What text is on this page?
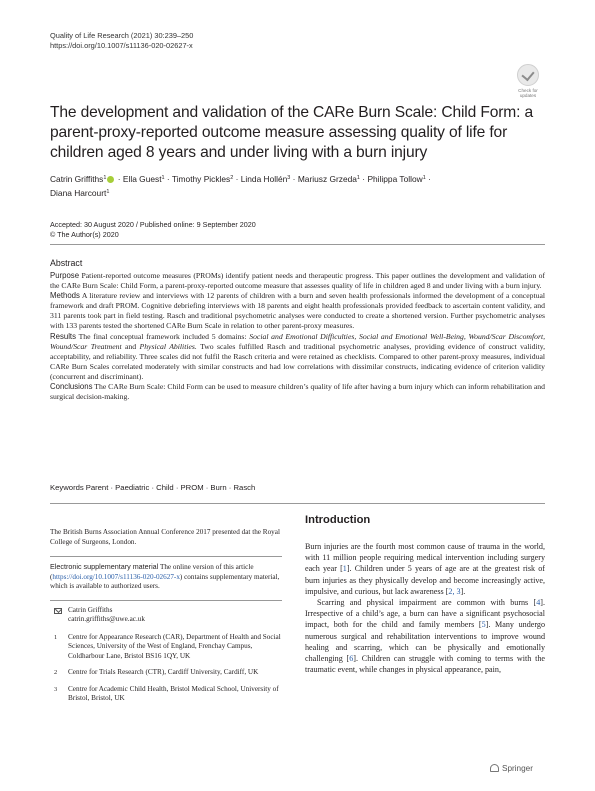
Quality of Life Research (2021) 30:239–250
https://doi.org/10.1007/s11136-020-02627-x
Check for updates
The development and validation of the CARe Burn Scale: Child Form: a parent-proxy-reported outcome measure assessing quality of life for children aged 8 years and under living with a burn injury
Catrin Griffiths$^1$ · Ella Guest$^1$ · Timothy Pickles$^2$ · Linda Hollén$^3$ · Mariusz Grzeda$^1$ · Philippa Tollow$^1$ ·
Diana Harcourt$^1$
Accepted: 30 August 2020 / Published online: 9 September 2020
© The Author(s) 2020
Abstract

Purpose Patient-reported outcome measures (PROMs) identify patient needs and therapeutic progress. This paper outlines the development and validation of the CARe Burn Scale: Child Form, a parent-proxy-reported outcome measure that assesses quality of life in children aged 8 and under living with a burn injury.

Methods A literature review and interviews with 12 parents of children with a burn and seven health professionals informed the development of a conceptual framework and draft PROM. Cognitive debriefing interviews with 18 parents and eight health professionals provided feedback to ascertain content validity, and 311 parents took part in field testing. Rasch and traditional psychometric analyses were conducted to create a shortened version. Further psychometric analyses with 133 parents tested the shortened CARe Burn Scale in relation to other parent-proxy measures.

Results The final conceptual framework included 5 domains: Social and Emotional Difficulties, Social and Emotional Well-Being, Wound/Scar Discomfort, Wound/Scar Treatment and Physical Abilities. Two scales fulfilled Rasch and traditional psychometric analyses, providing evidence of construct validity, acceptability, and reliability. Three scales did not fulfil the Rasch criteria and were retained as checklists. Compared to other parent-proxy measures, individual CARe Burn Scales correlated moderately with similar constructs and had low correlations with dissimilar constructs, indicating evidence of criterion validity (concurrent and discriminant).

Conclusions The CARe Burn Scale: Child Form can be used to measure children’s quality of life after having a burn injury which can inform rehabilitation and surgical decision-making.

Keywords Parent · Paediatric · Child · PROM · Burn · Rasch

The British Burns Association Annual Conference 2017 presented dat the Royal College of Surgeons, London.

Electronic supplementary material The online version of this article (https://doi.org/10.1007/s11136-020-02627-x) contains supplementary material, which is available to authorized users.

Catrin Griffiths
catrin.griffiths@uwe.ac.uk
1 Centre for Appearance Research (CAR), Department of Health and Social Sciences, University of the West of England, Frenchay Campus, Coldharbour Lane, Bristol BS16 1QY, UK
2 Centre for Trials Research (CTR), Cardiff University, Cardiff, UK
3 Centre for Academic Child Health, Bristol Medical School, University of Bristol, Bristol, UK
Introduction

Burn injuries are the fourth most common cause of trauma in the world, with 11 million people requiring medical intervention including surgery each year [1]. Children under 5 years of age are at the greatest risk of burn injuries as they physically develop and become increasingly active, impulsive, and curious, but lack awareness [2, 3].

Scarring and physical impairment are common with burns [4]. Irrespective of a child’s age, a burn can have a significant psychosocial impact, both for the child and family members [5]. Many undergo numerous surgical and rehabilitation interventions to improve wound healing and scarring, which can be physically and emotionally challenging [6]. Children can struggle with coming to terms with the traumatic event, while changes in physical appearance, pain,

Springer
